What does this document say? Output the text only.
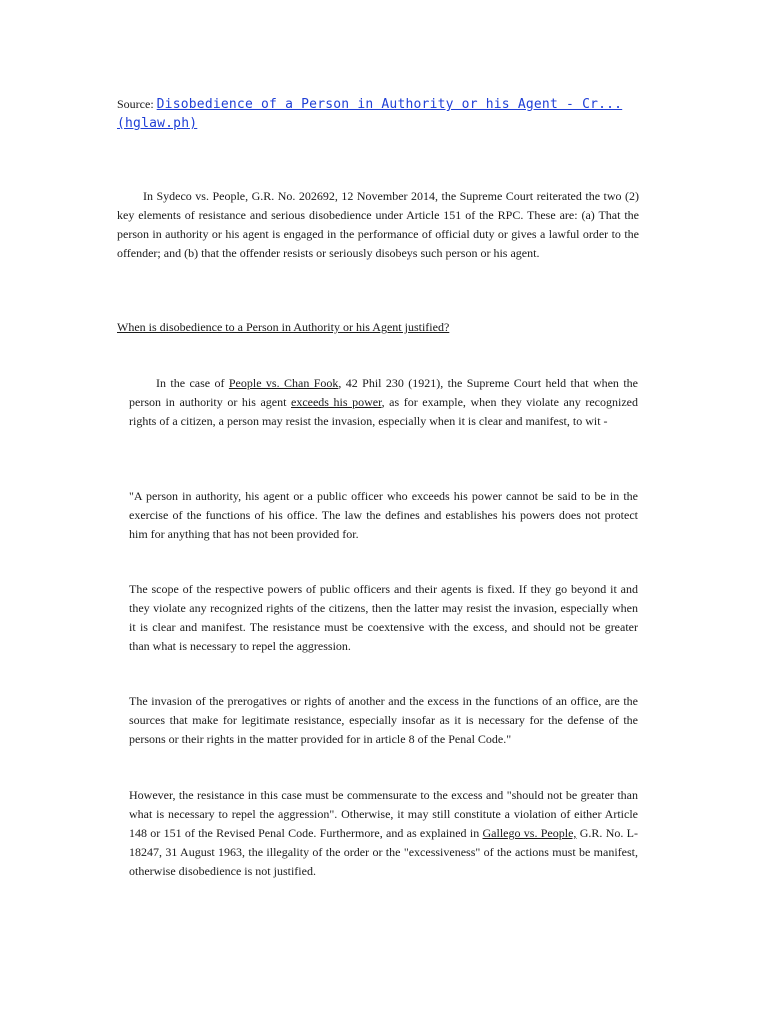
Source: Disobedience of a Person in Authority or his Agent - Cr...
(hglaw.ph)

In Sydeco vs. People, G.R. No. 202692, 12 November 2014, the Supreme Court reiterated the two (2) key elements of resistance and serious disobedience under Article 151 of the RPC. These are: (a) That the person in authority or his agent is engaged in the performance of official duty or gives a lawful order to the offender; and (b) that the offender resists or seriously disobeys such person or his agent.

When is disobedience to a Person in Authority or his Agent justified?

In the case of People vs. Chan Fook, 42 Phil 230 (1921), the Supreme Court held that when the person in authority or his agent exceeds his power, as for example, when they violate any recognized rights of a citizen, a person may resist the invasion, especially when it is clear and manifest, to wit -

"A person in authority, his agent or a public officer who exceeds his power cannot be said to be in the exercise of the functions of his office. The law the defines and establishes his powers does not protect him for anything that has not been provided for.

The scope of the respective powers of public officers and their agents is fixed. If they go beyond it and they violate any recognized rights of the citizens, then the latter may resist the invasion, especially when it is clear and manifest. The resistance must be coextensive with the excess, and should not be greater than what is necessary to repel the aggression.

The invasion of the prerogatives or rights of another and the excess in the functions of an office, are the sources that make for legitimate resistance, especially insofar as it is necessary for the defense of the persons or their rights in the matter provided for in article 8 of the Penal Code."

However, the resistance in this case must be commensurate to the excess and "should not be greater than what is necessary to repel the aggression". Otherwise, it may still constitute a violation of either Article 148 or 151 of the Revised Penal Code. Furthermore, and as explained in Gallego vs. People, G.R. No. L-18247, 31 August 1963, the illegality of the order or the "excessiveness" of the actions must be manifest, otherwise disobedience is not justified.
